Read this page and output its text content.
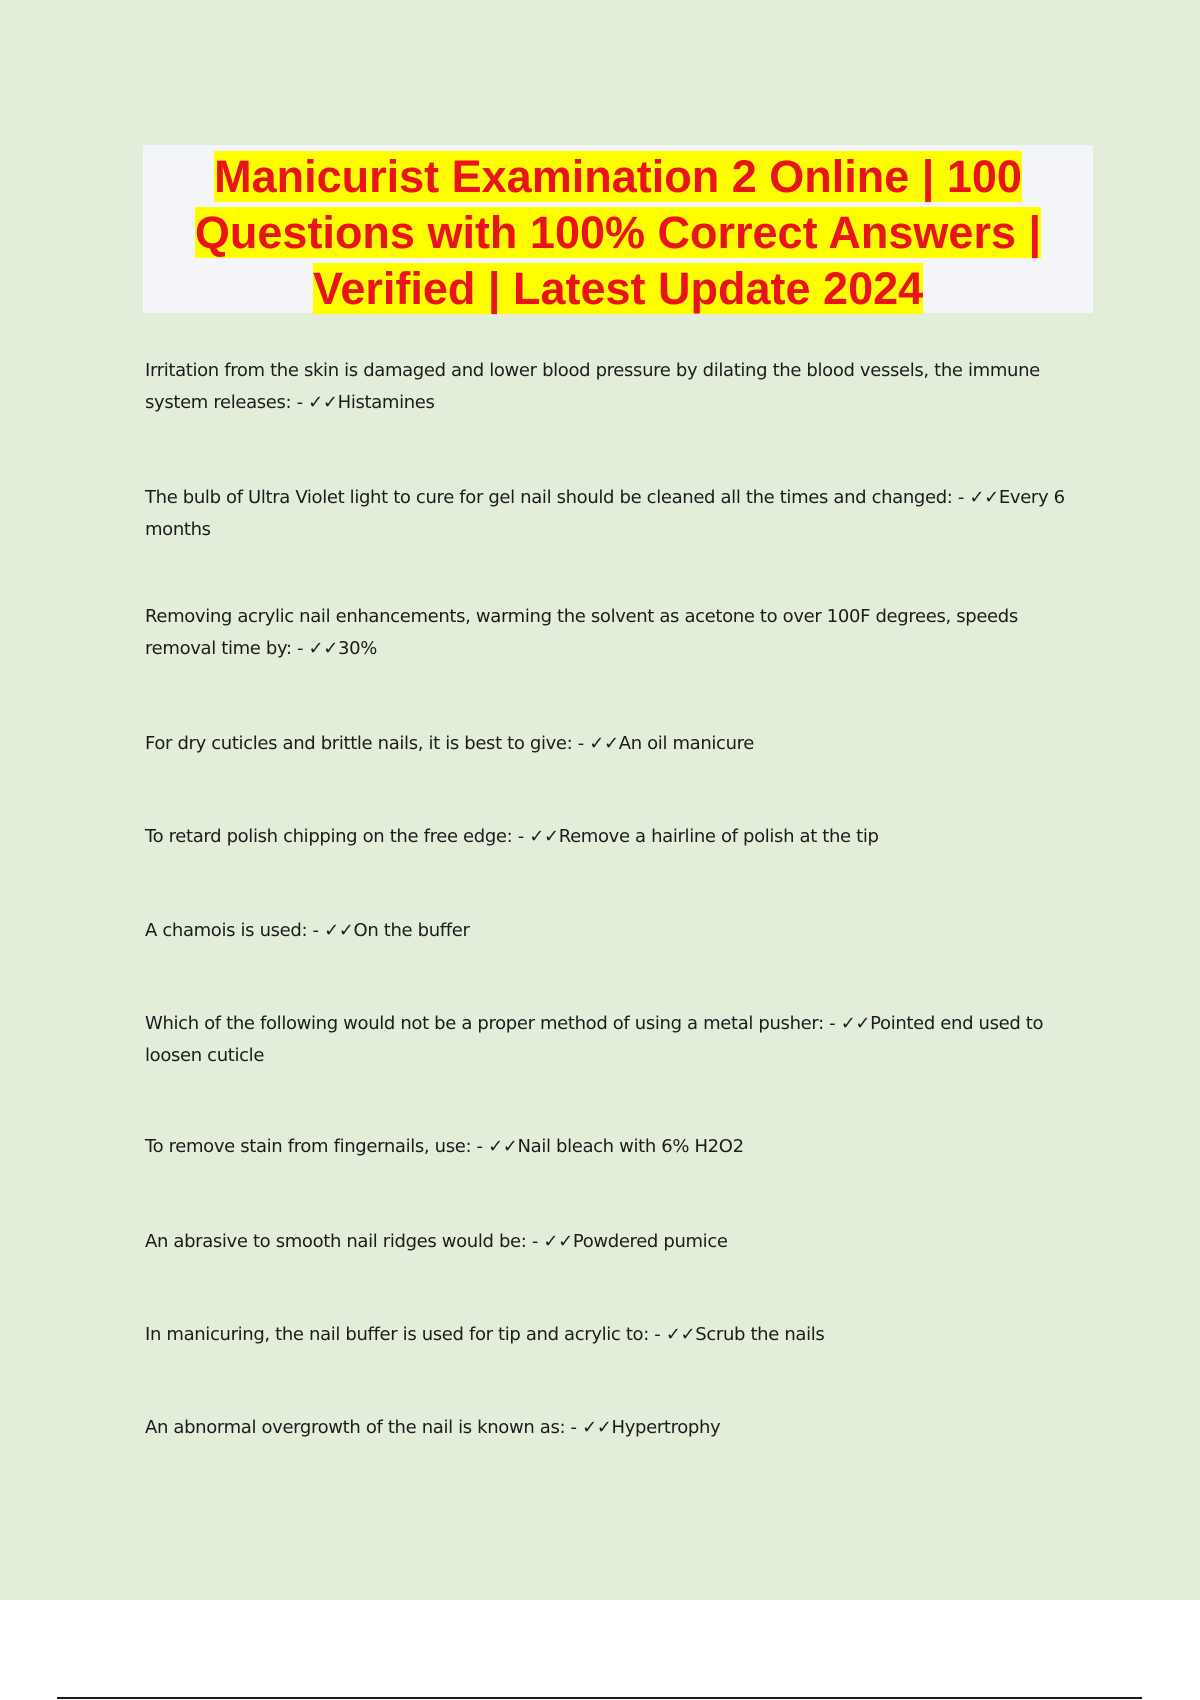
Manicurist Examination 2 Online | 100 Questions with 100% Correct Answers | Verified | Latest Update 2024

Irritation from the skin is damaged and lower blood pressure by dilating the blood vessels, the immune system releases: - ✓✓Histamines

The bulb of Ultra Violet light to cure for gel nail should be cleaned all the times and changed: - ✓✓Every 6 months

Removing acrylic nail enhancements, warming the solvent as acetone to over 100F degrees, speeds removal time by: - ✓✓30%

For dry cuticles and brittle nails, it is best to give: - ✓✓An oil manicure

To retard polish chipping on the free edge: - ✓✓Remove a hairline of polish at the tip

A chamois is used: - ✓✓On the buffer

Which of the following would not be a proper method of using a metal pusher: - ✓✓Pointed end used to loosen cuticle

To remove stain from fingernails, use: - ✓✓Nail bleach with 6% H2O2

An abrasive to smooth nail ridges would be: - ✓✓Powdered pumice

In manicuring, the nail buffer is used for tip and acrylic to: - ✓✓Scrub the nails

An abnormal overgrowth of the nail is known as: - ✓✓Hypertrophy
